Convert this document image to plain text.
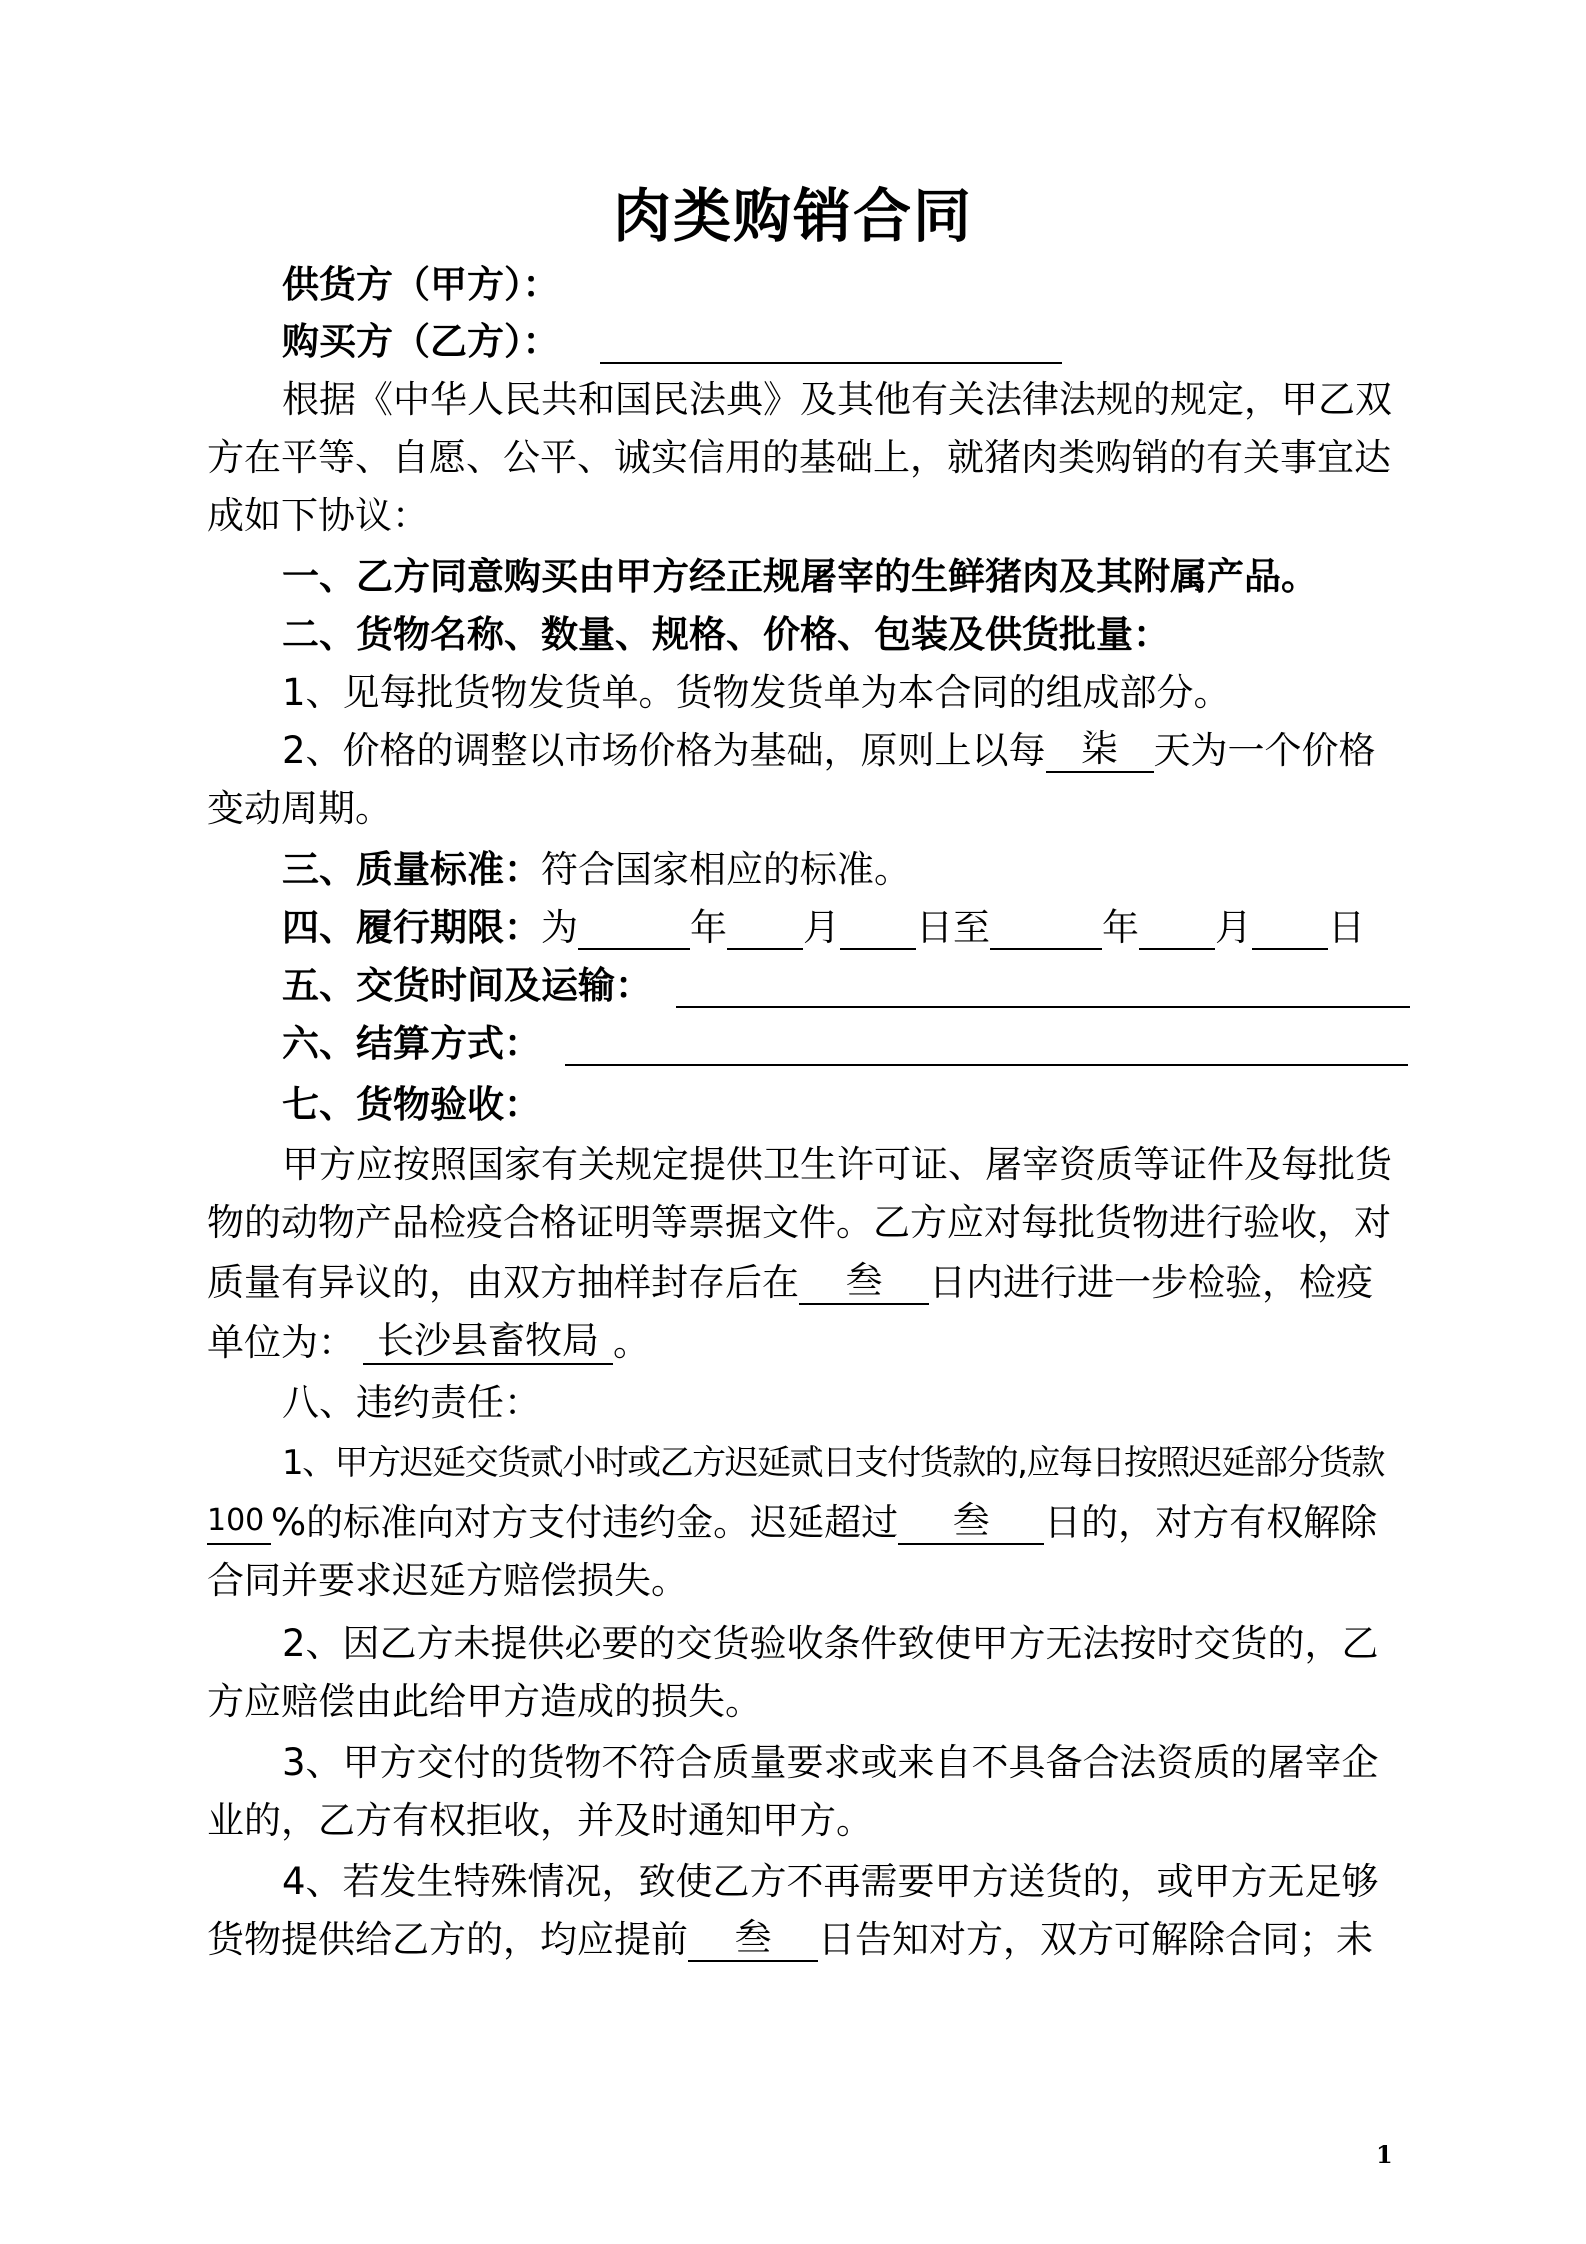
肉类购销合同
供货方（甲方）：
购买方（乙方）：
根据《中华人民共和国民法典》及其他有关法律法规的规定，甲乙双
方在平等、自愿、公平、诚实信用的基础上，就猪肉类购销的有关事宜达
成如下协议：
一、乙方同意购买由甲方经正规屠宰的生鲜猪肉及其附属产品。
二、货物名称、数量、规格、价格、包装及供货批量：
1、见每批货物发货单。货物发货单为本合同的组成部分。
2、价格的调整以市场价格为基础，原则上以每 柒 天为一个价格
变动周期。
三、质量标准：符合国家相应的标准。
四、履行期限：为	年 月 日至	年 月 日
五、交货时间及运输：
六、结算方式：
七、货物验收：
甲方应按照国家有关规定提供卫生许可证、屠宰资质等证件及每批货
物的动物产品检疫合格证明等票据文件。乙方应对每批货物进行验收，对
质量有异议的，由双方抽样封存后在 叁 日内进行进一步检验，检疫
单位为： 长沙县畜牧局 。
八、违约责任：
1、甲方迟延交货贰小时或乙方迟延贰日支付货款的,应每日按照迟延部分货款
100 %的标准向对方支付违约金。迟延超过 叁 日的，对方有权解除
合同并要求迟延方赔偿损失。
2、因乙方未提供必要的交货验收条件致使甲方无法按时交货的，乙
方应赔偿由此给甲方造成的损失。
3、甲方交付的货物不符合质量要求或来自不具备合法资质的屠宰企
业的，乙方有权拒收，并及时通知甲方。
4、若发生特殊情况，致使乙方不再需要甲方送货的，或甲方无足够
货物提供给乙方的，均应提前 叁 日告知对方，双方可解除合同；未
1
